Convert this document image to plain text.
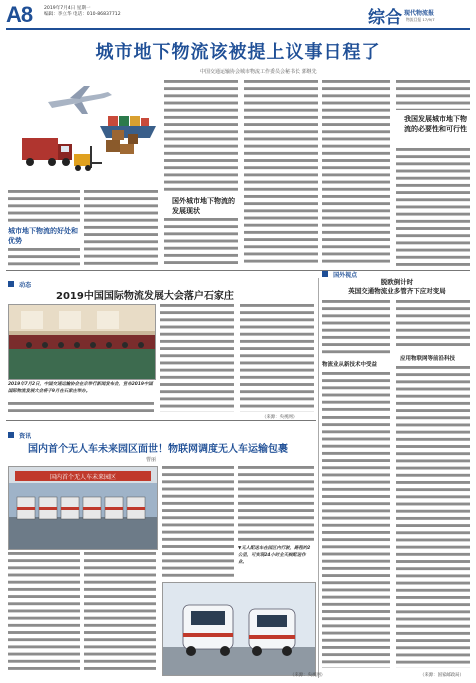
A8	2019年7月4日 星期一
编辑：李立华 电话：010-86837712	综合 现代物流报
物流目报 17/9/7
城市地下物流该被提上议事日程了
中国交通运输协会城市物流工作委员会秘书长 郭继先
城市地下物流的好处和优势
国外城市地下物流的发展现状
我国发展城市地下物流的必要性和可行性
动态
国外视点
2019中国国际物流发展大会落户石家庄
2019年7月2日，中国交通运输协会在京举行新闻发布会，宣布2019中国国际物流发展大会将于9月在石家庄举办。
脱欧倒计时
英国交通物流业多管齐下应对变局
物流业从新技术中受益
应用物联网等前沿科技
（来源：央视网）
资讯
国内首个无人车未来园区面世！物联网调度无人车运输包裹
曹丽
国内首个无人车未来园区
▼无人配送车在园区内行驶，路程约2公里，可实现24小时全天候配送作业。
（来源：央视网）	（来源：国家邮政局）
